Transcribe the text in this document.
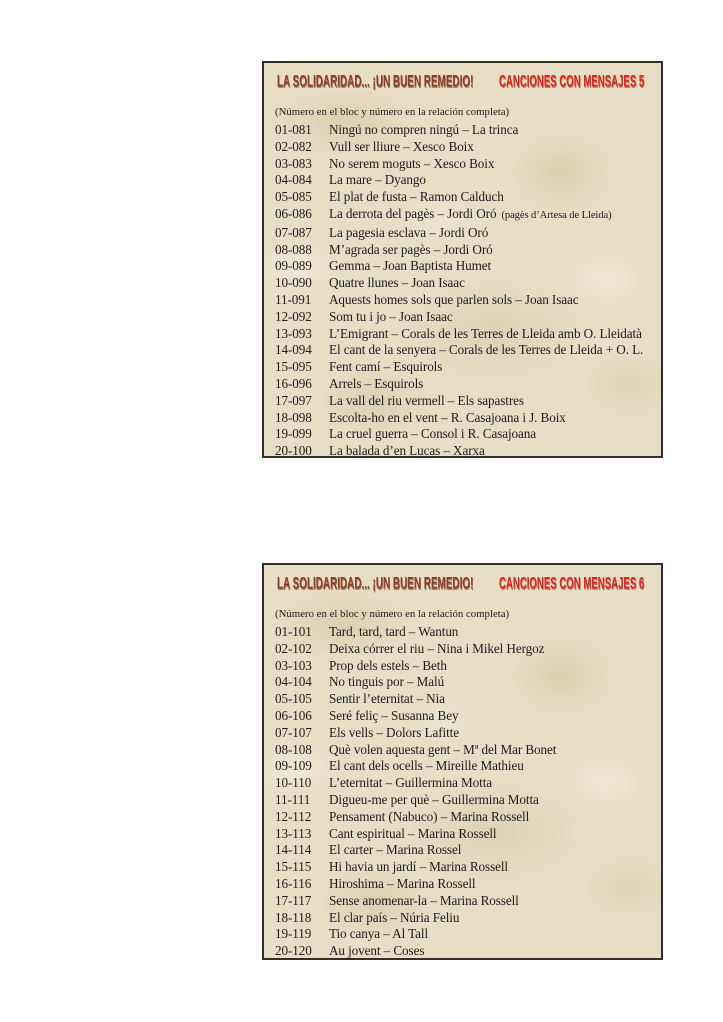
LA SOLIDARIDAD... ¡UN BUEN REMEDIO! CANCIONES CON MENSAJES 5
(Número en el bloc y número en la relación completa)
01-081	Ningú no compren ningú – La trinca
02-082	Vull ser lliure – Xesco Boix
03-083	No serem moguts – Xesco Boix
04-084	La mare – Dyango
05-085	El plat de fusta – Ramon Calduch
06-086	La derrota del pagès – Jordi Oró (pagès d’Artesa de Lleida)
07-087	La pagesia esclava – Jordi Oró
08-088	M’agrada ser pagès – Jordi Oró
09-089	Gemma – Joan Baptista Humet
10-090	Quatre llunes – Joan Isaac
11-091	Aquests homes sols que parlen sols – Joan Isaac
12-092	Som tu i jo – Joan Isaac
13-093	L’Emigrant – Corals de les Terres de Lleida amb O. Lleidatà
14-094	El cant de la senyera – Corals de les Terres de Lleida + O. L.
15-095	Fent camí – Esquirols
16-096	Arrels – Esquirols
17-097	La vall del riu vermell – Els sapastres
18-098	Escolta-ho en el vent – R. Casajoana i J. Boix
19-099	La cruel guerra – Consol i R. Casajoana
20-100	La balada d’en Lucas – Xarxa
LA SOLIDARIDAD... ¡UN BUEN REMEDIO! CANCIONES CON MENSAJES 6
(Número en el bloc y número en la relación completa)
01-101	Tard, tard, tard – Wantun
02-102	Deixa córrer el riu – Nina i Mikel Hergoz
03-103	Prop dels estels – Beth
04-104	No tinguis por – Malú
05-105	Sentir l’eternitat – Nia
06-106	Seré feliç – Susanna Bey
07-107	Els vells – Dolors Lafitte
08-108	Què volen aquesta gent – Mª del Mar Bonet
09-109	El cant dels ocells – Mireille Mathieu
10-110	L’eternitat – Guillermina Motta
11-111	Digueu-me per què – Guillermina Motta
12-112	Pensament (Nabuco) – Marina Rossell
13-113	Cant espiritual – Marina Rossell
14-114	El carter – Marina Rossel
15-115	Hi havia un jardí – Marina Rossell
16-116	Hiroshima – Marina Rossell
17-117	Sense anomenar-la – Marina Rossell
18-118	El clar país – Núria Feliu
19-119	Tio canya – Al Tall
20-120	Au jovent – Coses
